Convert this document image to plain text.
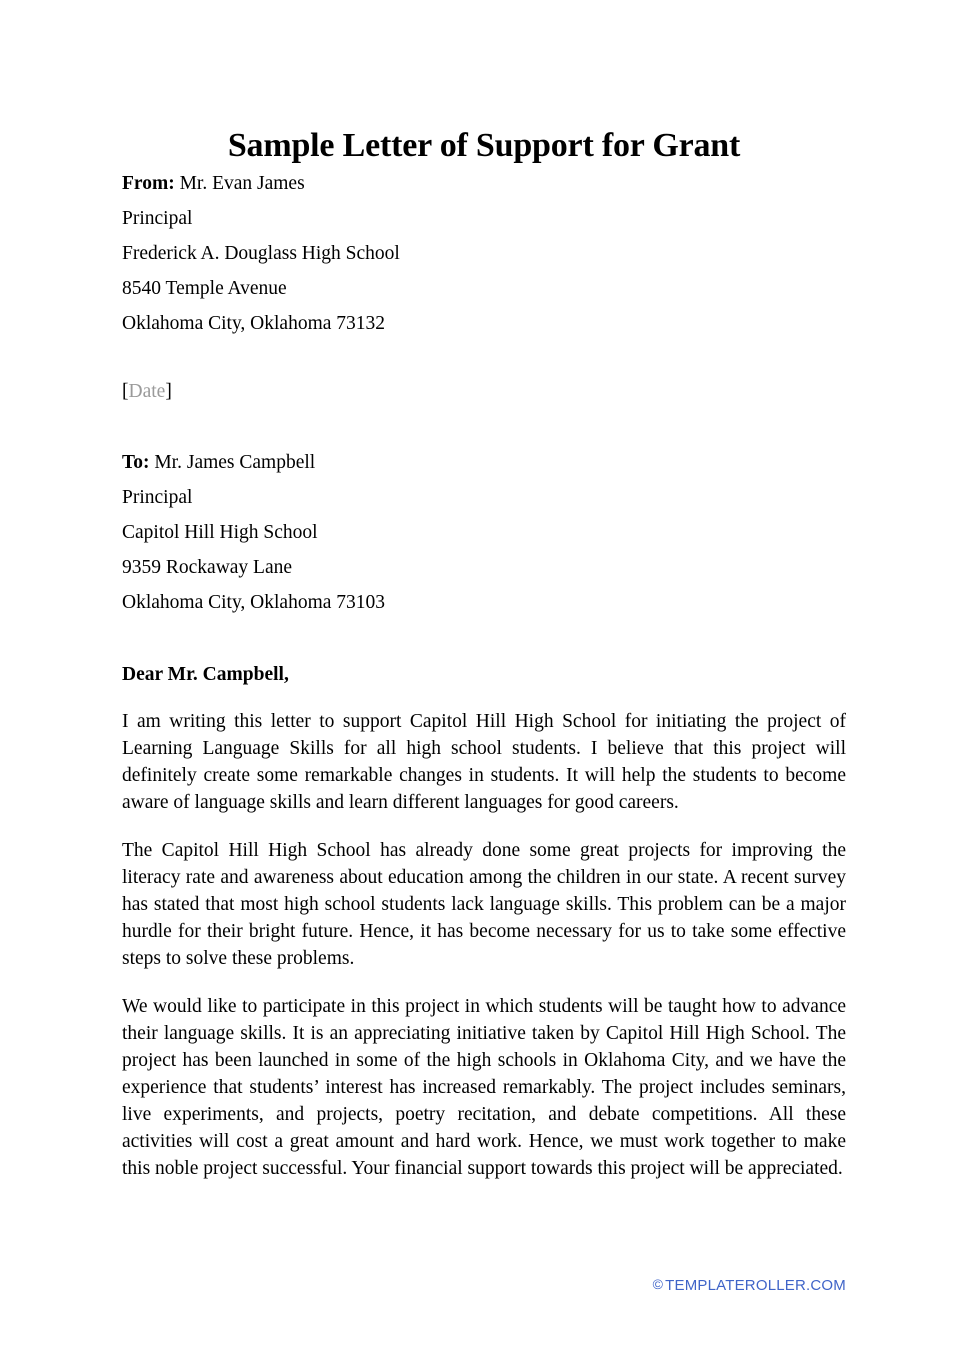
Sample Letter of Support for Grant

From: Mr. Evan James

Principal

Frederick A. Douglass High School

8540 Temple Avenue

Oklahoma City, Oklahoma 73132

[Date]

To: Mr. James Campbell

Principal

Capitol Hill High School

9359 Rockaway Lane

Oklahoma City, Oklahoma 73103

Dear Mr. Campbell,

I am writing this letter to support Capitol Hill High School for initiating the project of Learning Language Skills for all high school students. I believe that this project will definitely create some remarkable changes in students. It will help the students to become aware of language skills and learn different languages for good careers.

The Capitol Hill High School has already done some great projects for improving the literacy rate and awareness about education among the children in our state. A recent survey has stated that most high school students lack language skills. This problem can be a major hurdle for their bright future. Hence, it has become necessary for us to take some effective steps to solve these problems.

We would like to participate in this project in which students will be taught how to advance their language skills. It is an appreciating initiative taken by Capitol Hill High School. The project has been launched in some of the high schools in Oklahoma City, and we have the experience that students’ interest has increased remarkably. The project includes seminars, live experiments, and projects, poetry recitation, and debate competitions. All these activities will cost a great amount and hard work. Hence, we must work together to make this noble project successful. Your financial support towards this project will be appreciated.

© TEMPLATEROLLER.COM
